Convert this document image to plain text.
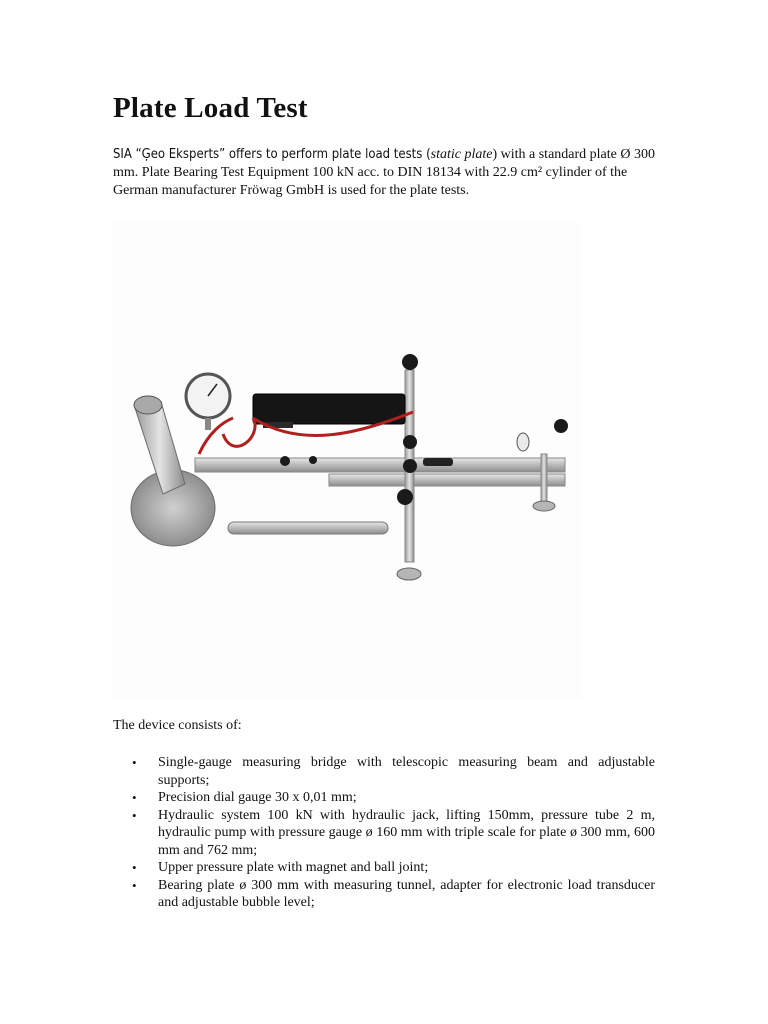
Plate Load Test

SIA “Ģeo Eksperts” offers to perform plate load tests (static plate) with a standard plate Ø 300 mm. Plate Bearing Test Equipment 100 kN acc. to DIN 18134 with 22.9 cm² cylinder of the German manufacturer Fröwag GmbH is used for the plate tests.

The device consists of:

• Single-gauge measuring bridge with telescopic measuring beam and adjustable supports;
• Precision dial gauge 30 x 0,01 mm;
• Hydraulic system 100 kN with hydraulic jack, lifting 150mm, pressure tube 2 m, hydraulic pump with pressure gauge ø 160 mm with triple scale for plate ø 300 mm, 600 mm and 762 mm;
• Upper pressure plate with magnet and ball joint;
• Bearing plate ø 300 mm with measuring tunnel, adapter for electronic load transducer and adjustable bubble level;
